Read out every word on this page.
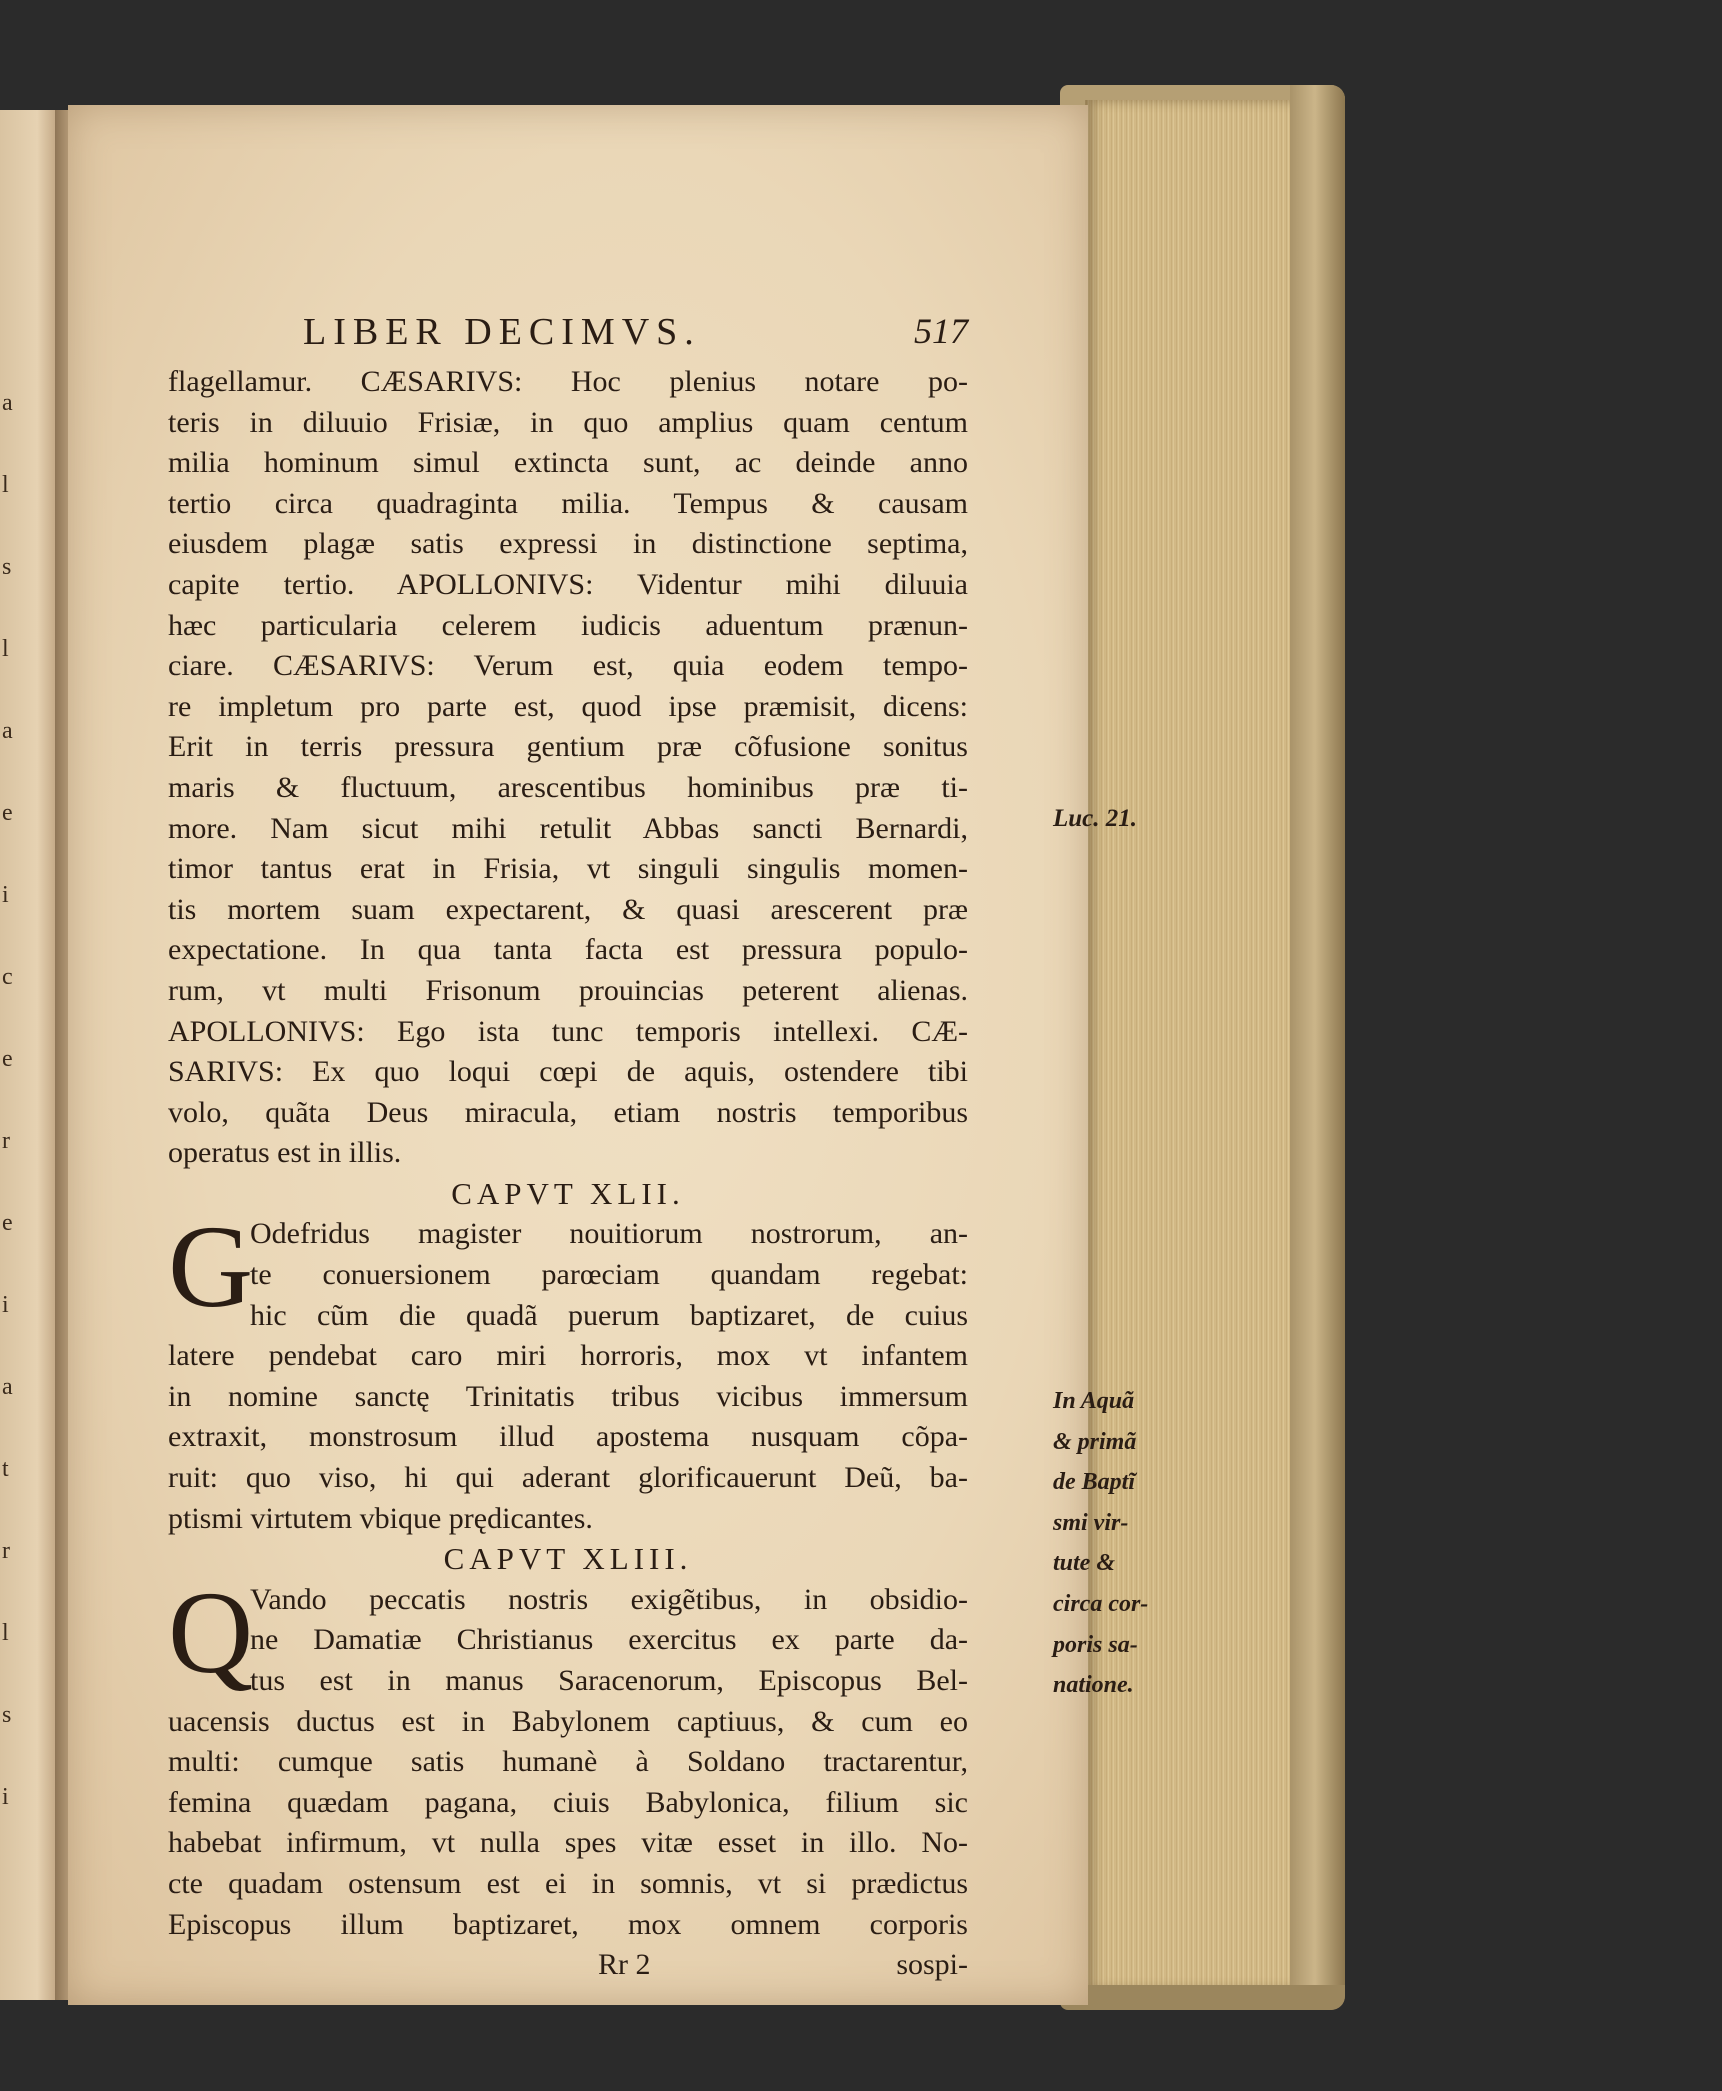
a
l
s
l
a
e
i
c
e
r
e
i
a
t
r
l
s
i
LIBER DECIMVS.	517
flagellamur. CÆSARIVS: Hoc plenius notare po-
teris in diluuio Frisiæ, in quo amplius quam centum
milia hominum simul extincta sunt, ac deinde anno
tertio circa quadraginta milia. Tempus & causam
eiusdem plagæ satis expressi in distinctione septima,
capite tertio. APOLLONIVS: Videntur mihi diluuia
hæc particularia celerem iudicis aduentum prænun-
ciare. CÆSARIVS: Verum est, quia eodem tempo-
re impletum pro parte est, quod ipse præmisit, dicens:
Erit in terris pressura gentium præ cõfusione sonitus
maris & fluctuum, arescentibus hominibus præ ti-
more. Nam sicut mihi retulit Abbas sancti Bernardi,
timor tantus erat in Frisia, vt singuli singulis momen-
tis mortem suam expectarent, & quasi arescerent præ
expectatione. In qua tanta facta est pressura populo-
rum, vt multi Frisonum prouincias peterent alienas.
APOLLONIVS: Ego ista tunc temporis intellexi. CÆ-
SARIVS: Ex quo loqui cœpi de aquis, ostendere tibi
volo, quãta Deus miracula, etiam nostris temporibus
operatus est in illis.
CAPVT XLII.
G
Odefridus magister nouitiorum nostrorum, an-
te conuersionem parœciam quandam regebat:
hic cũm die quadã puerum baptizaret, de cuius
latere pendebat caro miri horroris, mox vt infantem
in nomine sanctę Trinitatis tribus vicibus immersum
extraxit, monstrosum illud apostema nusquam cõpa-
ruit: quo viso, hi qui aderant glorificauerunt Deũ, ba-
ptismi virtutem vbique prędicantes.
CAPVT XLIII.
Q
Vando peccatis nostris exigẽtibus, in obsidio-
ne Damatiæ Christianus exercitus ex parte da-
tus est in manus Saracenorum, Episcopus Bel-
uacensis ductus est in Babylonem captiuus, & cum eo
multi: cumque satis humanè à Soldano tractarentur,
femina quædam pagana, ciuis Babylonica, filium sic
habebat infirmum, vt nulla spes vitæ esset in illo. No-
cte quadam ostensum est ei in somnis, vt si prædictus
Episcopus illum baptizaret, mox omnem corporis
Rr 2	sospi-
Luc. 21.
In Aquã
& primã
de Baptĩ
smi vir-
tute &
circa cor-
poris sa-
natione.
